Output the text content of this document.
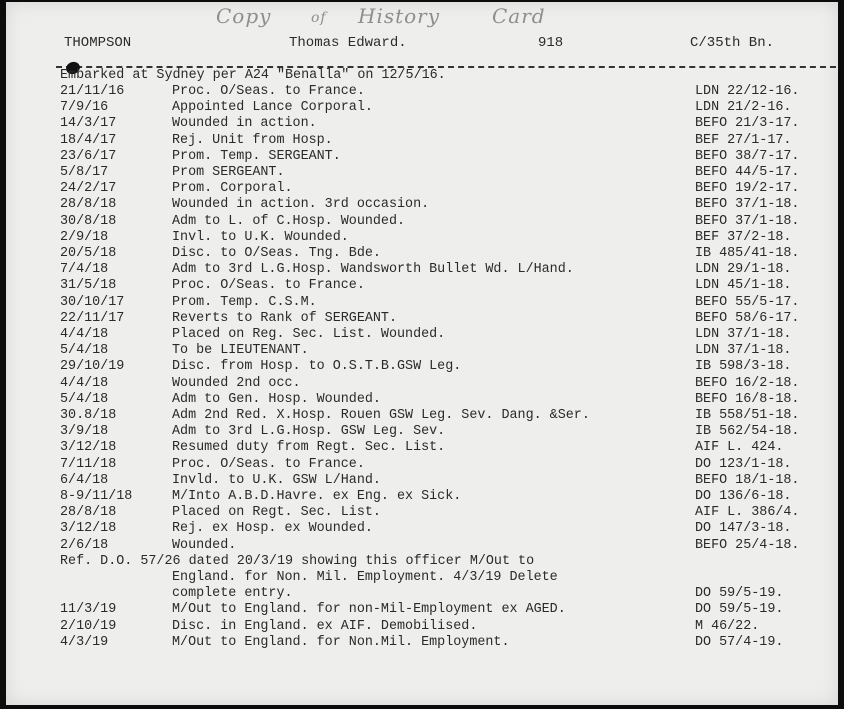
Copy	of History	Card
THOMPSON	Thomas Edward.	918	C/35th Bn.
Embarked at Sydney per A24 "Benalla" on 12/5/16.
21/11/16	Proc. O/Seas. to France.	LDN 22/12-16.
7/9/16	Appointed Lance Corporal.	LDN 21/2-16.
14/3/17	Wounded in action.	BEFO 21/3-17.
18/4/17	Rej. Unit from Hosp.	BEF 27/1-17.
23/6/17	Prom. Temp. SERGEANT.	BEFO 38/7-17.
5/8/17	Prom SERGEANT.	BEFO 44/5-17.
24/2/17	Prom. Corporal.	BEFO 19/2-17.
28/8/18	Wounded in action. 3rd occasion.	BEFO 37/1-18.
30/8/18	Adm to L. of C.Hosp. Wounded.	BEFO 37/1-18.
2/9/18	Invl. to U.K. Wounded.	BEF 37/2-18.
20/5/18	Disc. to O/Seas. Tng. Bde.	IB 485/41-18.
7/4/18	Adm to 3rd L.G.Hosp. Wandsworth Bullet Wd. L/Hand.	LDN 29/1-18.
31/5/18	Proc. O/Seas. to France.	LDN 45/1-18.
30/10/17	Prom. Temp. C.S.M.	BEFO 55/5-17.
22/11/17	Reverts to Rank of SERGEANT.	BEFO 58/6-17.
4/4/18	Placed on Reg. Sec. List. Wounded.	LDN 37/1-18.
5/4/18	To be LIEUTENANT.	LDN 37/1-18.
29/10/19	Disc. from Hosp. to O.S.T.B.GSW Leg.	IB 598/3-18.
4/4/18	Wounded 2nd occ.	BEFO 16/2-18.
5/4/18	Adm to Gen. Hosp. Wounded.	BEFO 16/8-18.
30.8/18	Adm 2nd Red. X.Hosp. Rouen GSW Leg. Sev. Dang. &Ser.	IB 558/51-18.
3/9/18	Adm to 3rd L.G.Hosp. GSW Leg. Sev.	IB 562/54-18.
3/12/18	Resumed duty from Regt. Sec. List.	AIF L. 424.
7/11/18	Proc. O/Seas. to France.	DO 123/1-18.
6/4/18	Invld. to U.K. GSW L/Hand.	BEFO 18/1-18.
8-9/11/18	M/Into A.B.D.Havre. ex Eng. ex Sick.	DO 136/6-18.
28/8/18	Placed on Regt. Sec. List.	AIF L. 386/4.
3/12/18	Rej. ex Hosp. ex Wounded.	DO 147/3-18.
2/6/18	Wounded.	BEFO 25/4-18.
Ref. D.O. 57/26 dated 20/3/19 showing this officer M/Out to
England. for Non. Mil. Employment. 4/3/19 Delete
complete entry.	DO 59/5-19.
11/3/19	M/Out to England. for non-Mil-Employment ex AGED.	DO 59/5-19.
2/10/19	Disc. in England. ex AIF. Demobilised.	M 46/22.
4/3/19	M/Out to England. for Non.Mil. Employment.	DO 57/4-19.
